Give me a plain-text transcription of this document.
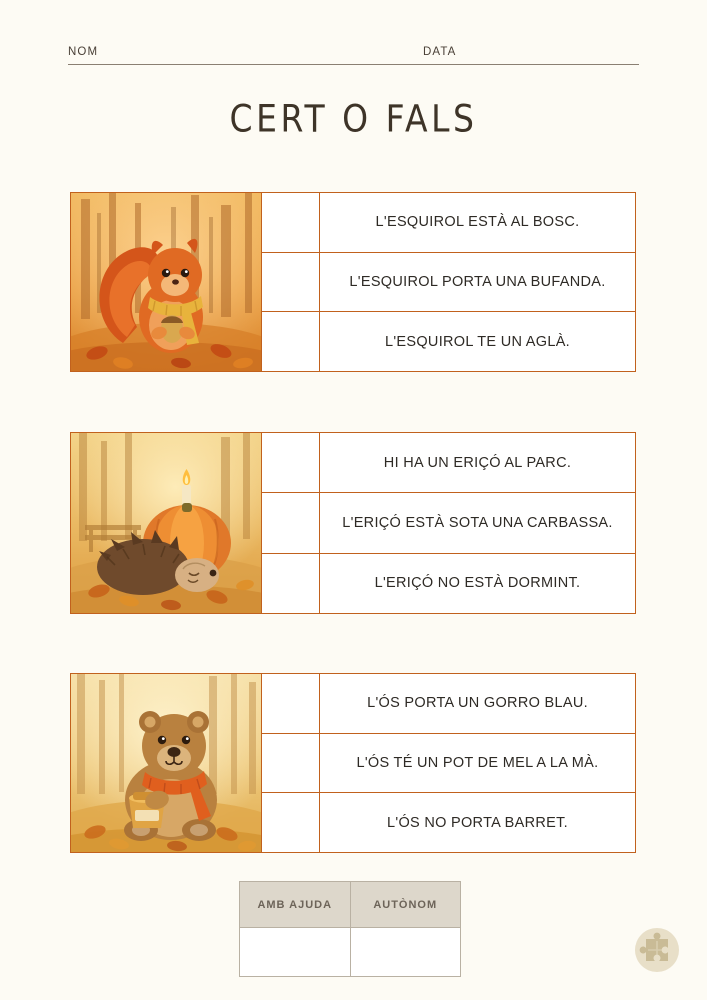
NOM	DATA
CERT O FALS
L'ESQUIROL ESTÀ AL BOSC.
L'ESQUIROL PORTA UNA BUFANDA.
L'ESQUIROL TE UN AGLÀ.
HI HA UN ERIÇÓ AL PARC.
L'ERIÇÓ ESTÀ SOTA UNA CARBASSA.
L'ERIÇÓ NO ESTÀ DORMINT.
L'ÓS PORTA UN GORRO BLAU.
L'ÓS TÉ UN POT DE MEL A LA MÀ.
L'ÓS NO PORTA BARRET.
AMB AJUDA	AUTÒNOM
